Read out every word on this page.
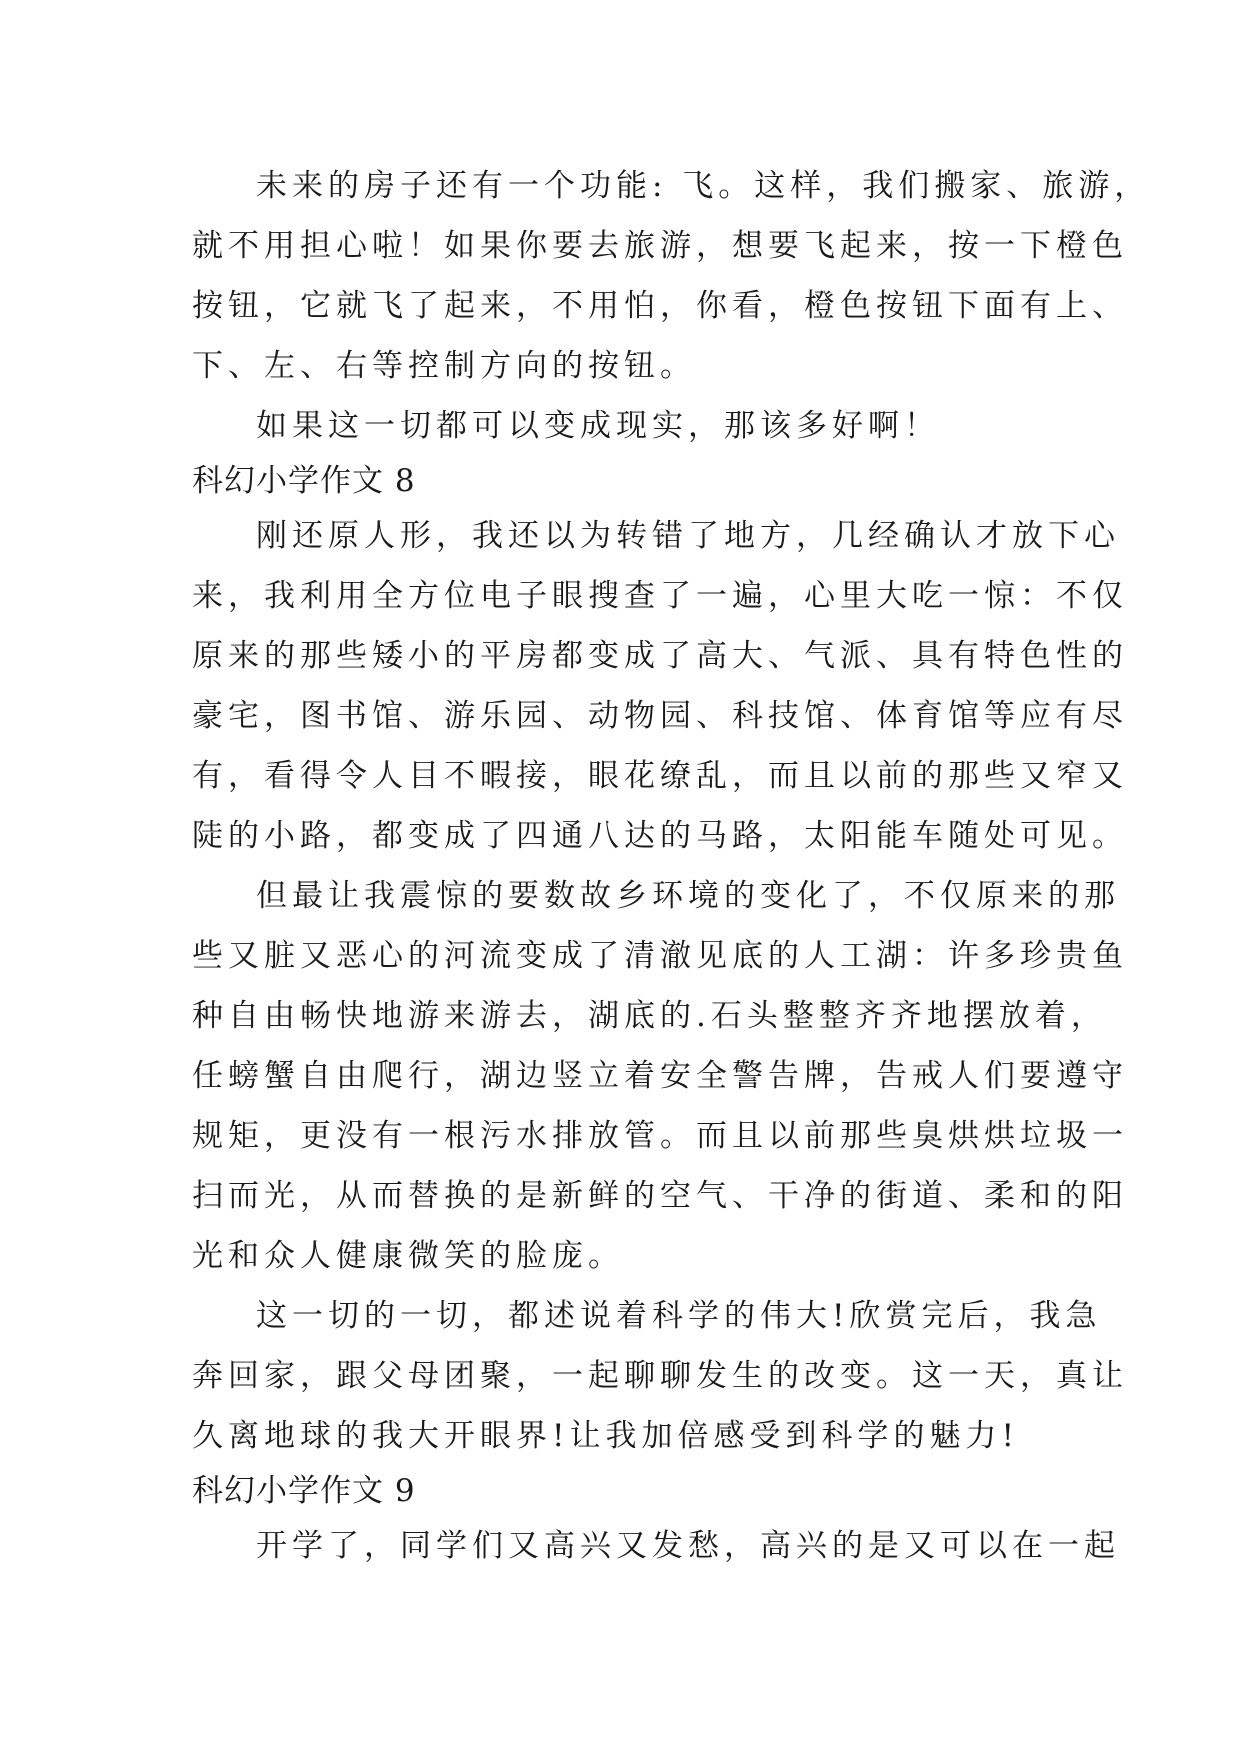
未来的房子还有一个功能: 飞。这样，我们搬家、旅游，
就不用担心啦！如果你要去旅游，想要飞起来，按一下橙色
按钮，它就飞了起来，不用怕，你看，橙色按钮下面有上、
下、左、右等控制方向的按钮。
如果这一切都可以变成现实，那该多好啊！
科幻小学作文 8
刚还原人形，我还以为转错了地方，几经确认才放下心
来，我利用全方位电子眼搜查了一遍，心里大吃一惊：不仅
原来的那些矮小的平房都变成了高大、气派、具有特色性的
豪宅，图书馆、游乐园、动物园、科技馆、体育馆等应有尽
有，看得令人目不暇接，眼花缭乱，而且以前的那些又窄又
陡的小路，都变成了四通八达的马路，太阳能车随处可见。
但最让我震惊的要数故乡环境的变化了，不仅原来的那
些又脏又恶心的河流变成了清澈见底的人工湖：许多珍贵鱼
种自由畅快地游来游去，湖底的.石头整整齐齐地摆放着，
任螃蟹自由爬行，湖边竖立着安全警告牌，告戒人们要遵守
规矩，更没有一根污水排放管。而且以前那些臭烘烘垃圾一
扫而光，从而替换的是新鲜的空气、干净的街道、柔和的阳
光和众人健康微笑的脸庞。
这一切的一切，都述说着科学的伟大!欣赏完后，我急
奔回家，跟父母团聚，一起聊聊发生的改变。这一天，真让
久离地球的我大开眼界!让我加倍感受到科学的魅力!
科幻小学作文 9
开学了，同学们又高兴又发愁，高兴的是又可以在一起
